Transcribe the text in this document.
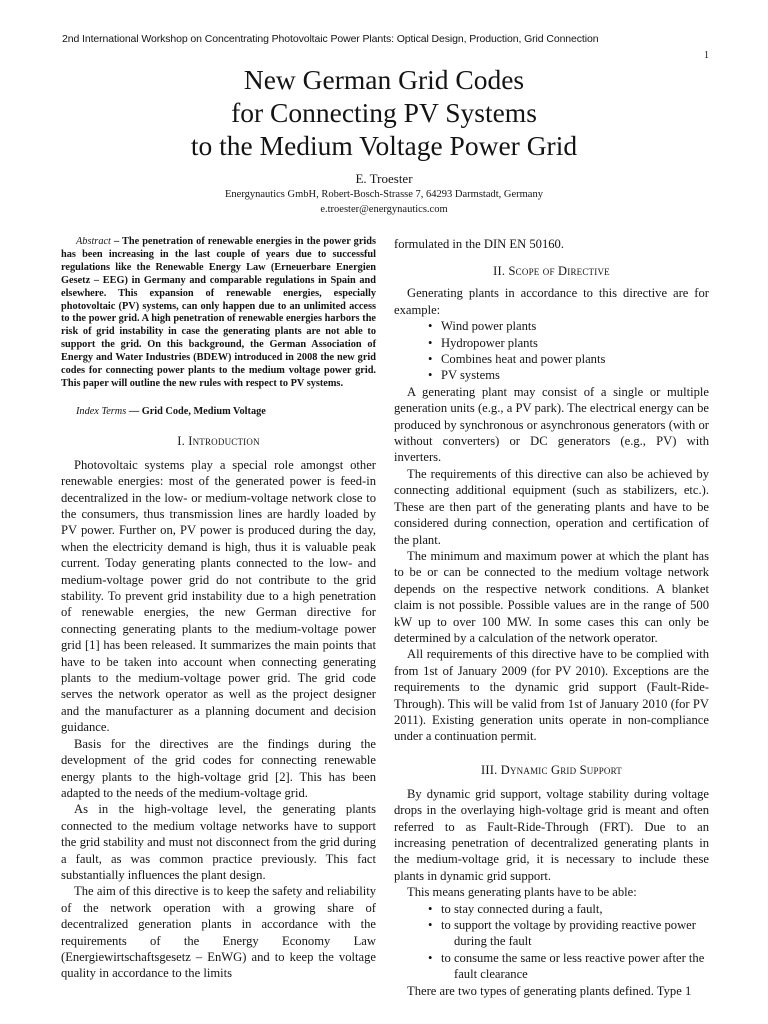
2nd International Workshop on Concentrating Photovoltaic Power Plants: Optical Design, Production, Grid Connection
1
New German Grid Codes
for Connecting PV Systems
to the Medium Voltage Power Grid
E. Troester
Energynautics GmbH, Robert-Bosch-Strasse 7, 64293 Darmstadt, Germany
e.troester@energynautics.com

Abstract – The penetration of renewable energies in the power grids has been increasing in the last couple of years due to successful regulations like the Renewable Energy Law (Erneuerbare Energien Gesetz – EEG) in Germany and comparable regulations in Spain and elsewhere. This expansion of renewable energies, especially photovoltaic (PV) systems, can only happen due to an unlimited access to the power grid. A high penetration of renewable energies harbors the risk of grid instability in case the generating plants are not able to support the grid. On this background, the German Association of Energy and Water Industries (BDEW) introduced in 2008 the new grid codes for connecting power plants to the medium voltage power grid. This paper will outline the new rules with respect to PV systems.

Index Terms — Grid Code, Medium Voltage

I. Introduction

Photovoltaic systems play a special role amongst other renewable energies: most of the generated power is feed-in decentralized in the low- or medium-voltage network close to the consumers, thus transmission lines are hardly loaded by PV power. Further on, PV power is produced during the day, when the electricity demand is high, thus it is valuable peak current. Today generating plants connected to the low- and medium-voltage power grid do not contribute to the grid stability. To prevent grid instability due to a high penetration of renewable energies, the new German directive for connecting generating plants to the medium-voltage power grid [1] has been released. It summarizes the main points that have to be taken into account when connecting generating plants to the medium-voltage power grid. The grid code serves the network operator as well as the project designer and the manufacturer as a planning document and decision guidance.

Basis for the directives are the findings during the development of the grid codes for connecting renewable energy plants to the high-voltage grid [2]. This has been adapted to the needs of the medium-voltage grid.

As in the high-voltage level, the generating plants connected to the medium voltage networks have to support the grid stability and must not disconnect from the grid during a fault, as was common practice previously. This fact substantially influences the plant design.

The aim of this directive is to keep the safety and reliability of the network operation with a growing share of decentralized generation plants in accordance with the requirements of the Energy Economy Law (Energiewirtschaftsgesetz – EnWG) and to keep the voltage quality in accordance to the limits

formulated in the DIN EN 50160.

II. Scope of Directive

Generating plants in accordance to this directive are for example:

• Wind power plants
• Hydropower plants
• Combines heat and power plants
• PV systems

A generating plant may consist of a single or multiple generation units (e.g., a PV park). The electrical energy can be produced by synchronous or asynchronous generators (with or without converters) or DC generators (e.g., PV) with inverters.

The requirements of this directive can also be achieved by connecting additional equipment (such as stabilizers, etc.). These are then part of the generating plants and have to be considered during connection, operation and certification of the plant.

The minimum and maximum power at which the plant has to be or can be connected to the medium voltage network depends on the respective network conditions. A blanket claim is not possible. Possible values are in the range of 500 kW up to over 100 MW. In some cases this can only be determined by a calculation of the network operator.

All requirements of this directive have to be complied with from 1st of January 2009 (for PV 2010). Exceptions are the requirements to the dynamic grid support (Fault-Ride-Through). This will be valid from 1st of January 2010 (for PV 2011). Existing generation units operate in non-compliance under a continuation permit.

III. Dynamic Grid Support

By dynamic grid support, voltage stability during voltage drops in the overlaying high-voltage grid is meant and often referred to as Fault-Ride-Through (FRT). Due to an increasing penetration of decentralized generating plants in the medium-voltage grid, it is necessary to include these plants in dynamic grid support.

This means generating plants have to be able:

• to stay connected during a fault,
• to support the voltage by providing reactive power
during the fault
• to consume the same or less reactive power after the
fault clearance

There are two types of generating plants defined. Type 1
